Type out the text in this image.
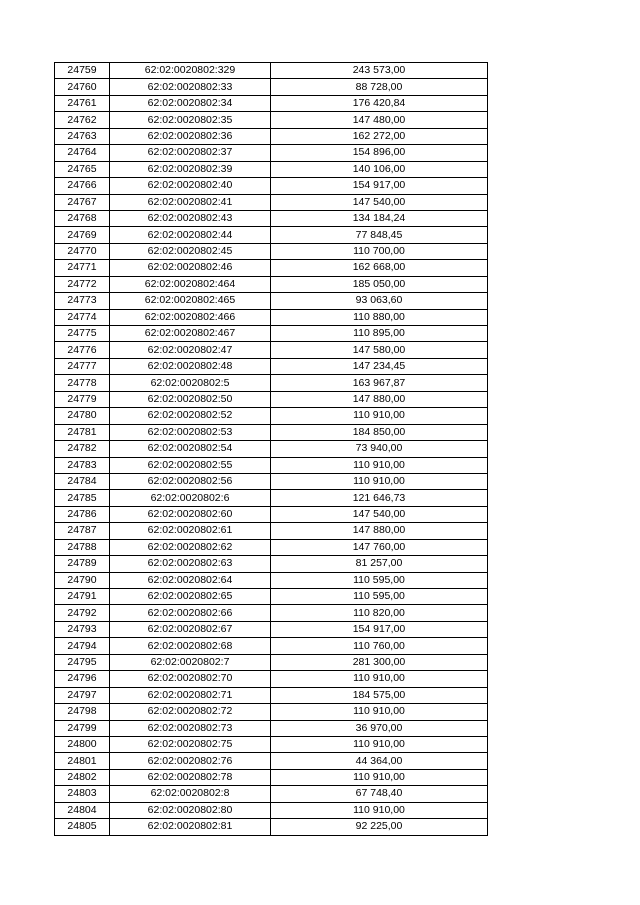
24759	62:02:0020802:329	243 573,00
24760	62:02:0020802:33	88 728,00
24761	62:02:0020802:34	176 420,84
24762	62:02:0020802:35	147 480,00
24763	62:02:0020802:36	162 272,00
24764	62:02:0020802:37	154 896,00
24765	62:02:0020802:39	140 106,00
24766	62:02:0020802:40	154 917,00
24767	62:02:0020802:41	147 540,00
24768	62:02:0020802:43	134 184,24
24769	62:02:0020802:44	77 848,45
24770	62:02:0020802:45	110 700,00
24771	62:02:0020802:46	162 668,00
24772	62:02:0020802:464	185 050,00
24773	62:02:0020802:465	93 063,60
24774	62:02:0020802:466	110 880,00
24775	62:02:0020802:467	110 895,00
24776	62:02:0020802:47	147 580,00
24777	62:02:0020802:48	147 234,45
24778	62:02:0020802:5	163 967,87
24779	62:02:0020802:50	147 880,00
24780	62:02:0020802:52	110 910,00
24781	62:02:0020802:53	184 850,00
24782	62:02:0020802:54	73 940,00
24783	62:02:0020802:55	110 910,00
24784	62:02:0020802:56	110 910,00
24785	62:02:0020802:6	121 646,73
24786	62:02:0020802:60	147 540,00
24787	62:02:0020802:61	147 880,00
24788	62:02:0020802:62	147 760,00
24789	62:02:0020802:63	81 257,00
24790	62:02:0020802:64	110 595,00
24791	62:02:0020802:65	110 595,00
24792	62:02:0020802:66	110 820,00
24793	62:02:0020802:67	154 917,00
24794	62:02:0020802:68	110 760,00
24795	62:02:0020802:7	281 300,00
24796	62:02:0020802:70	110 910,00
24797	62:02:0020802:71	184 575,00
24798	62:02:0020802:72	110 910,00
24799	62:02:0020802:73	36 970,00
24800	62:02:0020802:75	110 910,00
24801	62:02:0020802:76	44 364,00
24802	62:02:0020802:78	110 910,00
24803	62:02:0020802:8	67 748,40
24804	62:02:0020802:80	110 910,00
24805	62:02:0020802:81	92 225,00
